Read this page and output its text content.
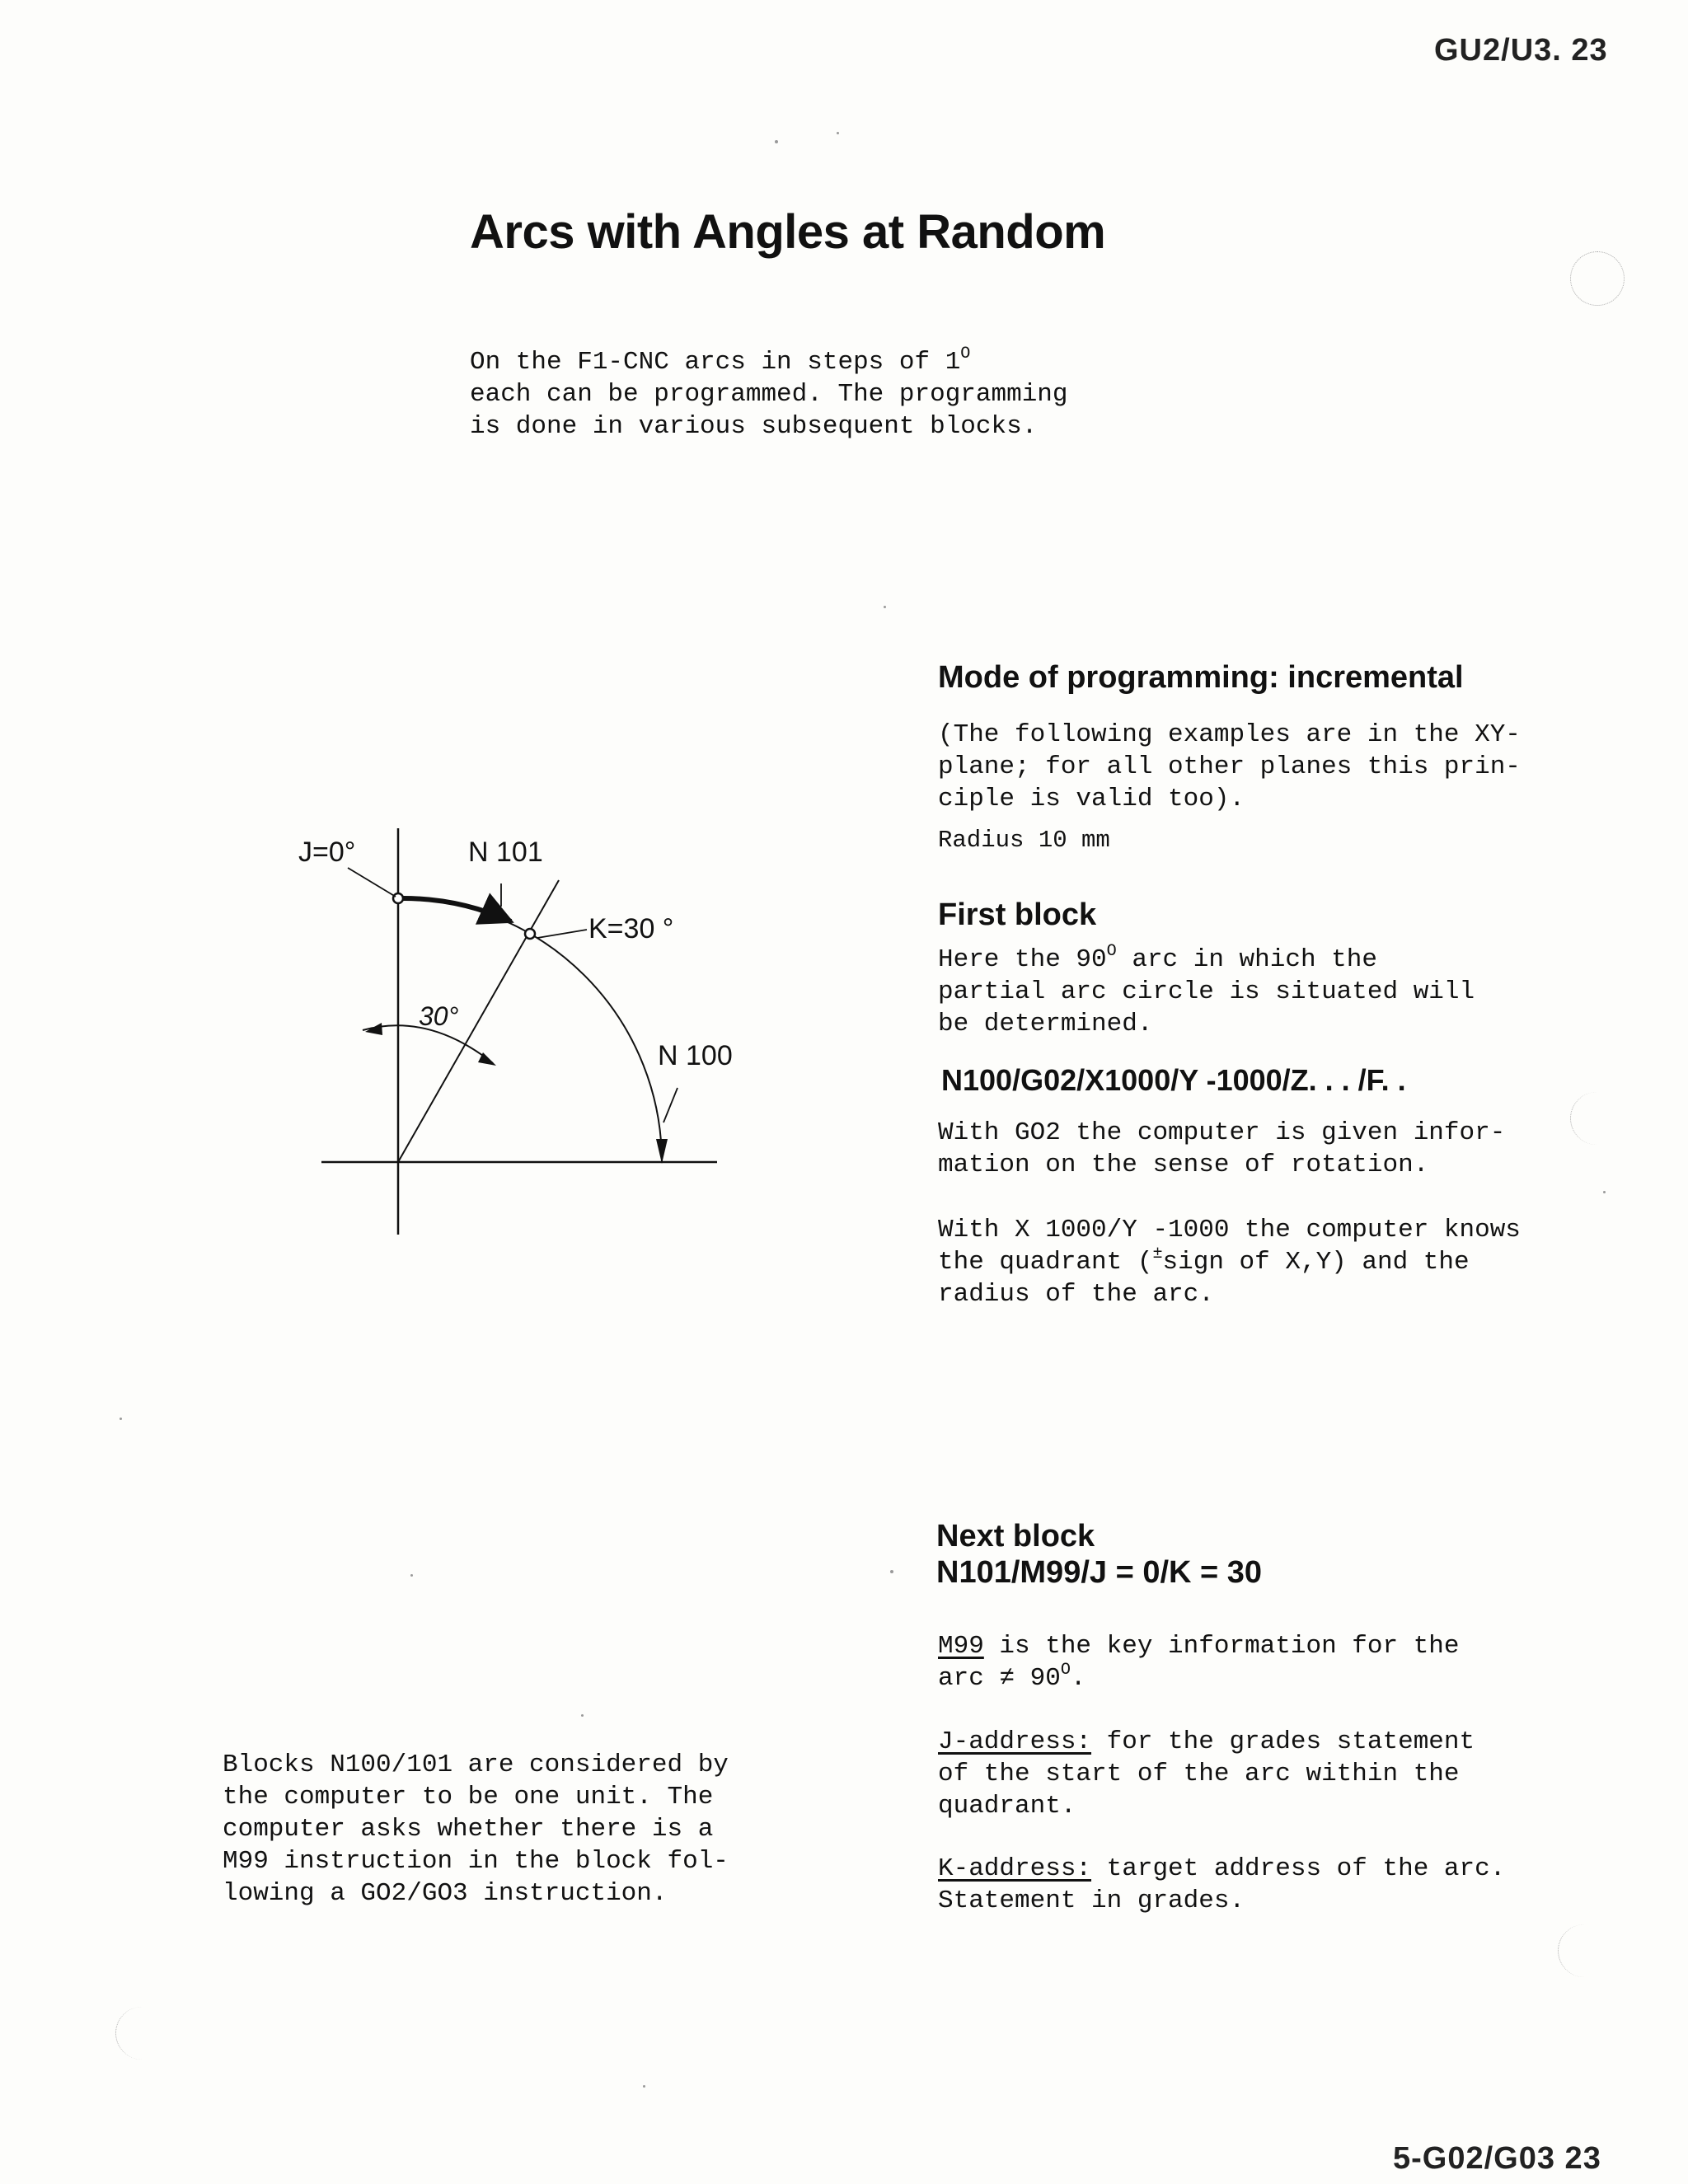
GU2/U3. 23
5-G02/G03 23
Arcs with Angles at Random

On the F1-CNC arcs in steps of $1^O$

each can be programmed. The programming

is done in various subsequent blocks.

Mode of programming: incremental

(The following examples are in the XY-

plane; for all other planes this prin-

ciple is valid too).

Radius 10 mm

First block

Here the $90^O$ arc in which the

partial arc circle is situated will

be determined.

N100/G02/X1000/Y -1000/Z. . . /F. .

With GO2 the computer is given infor-

mation on the sense of rotation.

With X 1000/Y -1000 the computer knows

the quadrant (±sign of X,Y) and the

radius of the arc.

Next block
N101/M99/J = 0/K = 30

M99 is the key information for the

arc ≠ $90^O$.

J-address: for the grades statement

of the start of the arc within the

quadrant.

K-address: target address of the arc.

Statement in grades.

Blocks N100/101 are considered by

the computer to be one unit. The

computer asks whether there is a

M99 instruction in the block fol-

lowing a GO2/GO3 instruction.

J=0°	N 101
K=30 °
30°
N 100
